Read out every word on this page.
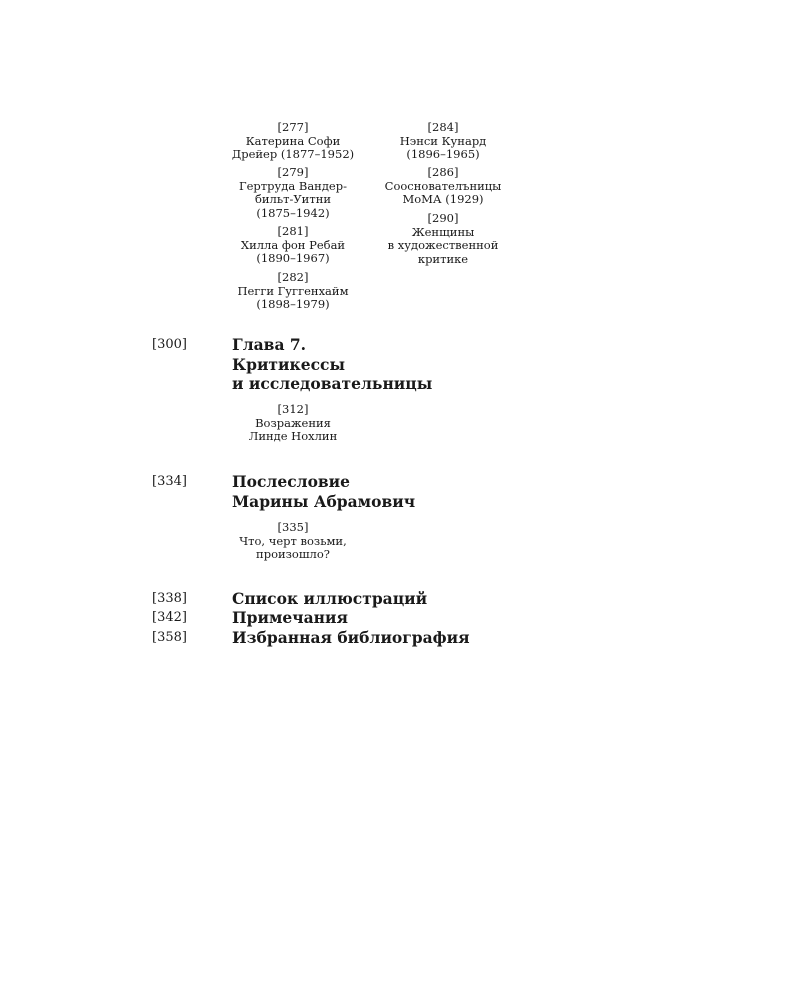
[277]
Катерина Софи
Дрейер (1877–1952)
[279]
Гертруда Вандер-
бильт-Уитни
(1875–1942)
[281]
Хилла фон Ребай
(1890–1967)
[282]
Пегги Гуггенхайм
(1898–1979)
[284]
Нэнси Кунард
(1896–1965)
[286]
Сооснователъницы
МоМА (1929)
[290]
Женщины
в художественной
критике
[300]	Глава 7.
Критикессы
и исследовательницы
[312]
Возражения
Линде Нохлин
[334]	Послесловие
Марины Абрамович
[335]
Что, черт возьми,
произошло?
[338]	Список иллюстраций
[342]	Примечания
[358]	Избранная библиография
